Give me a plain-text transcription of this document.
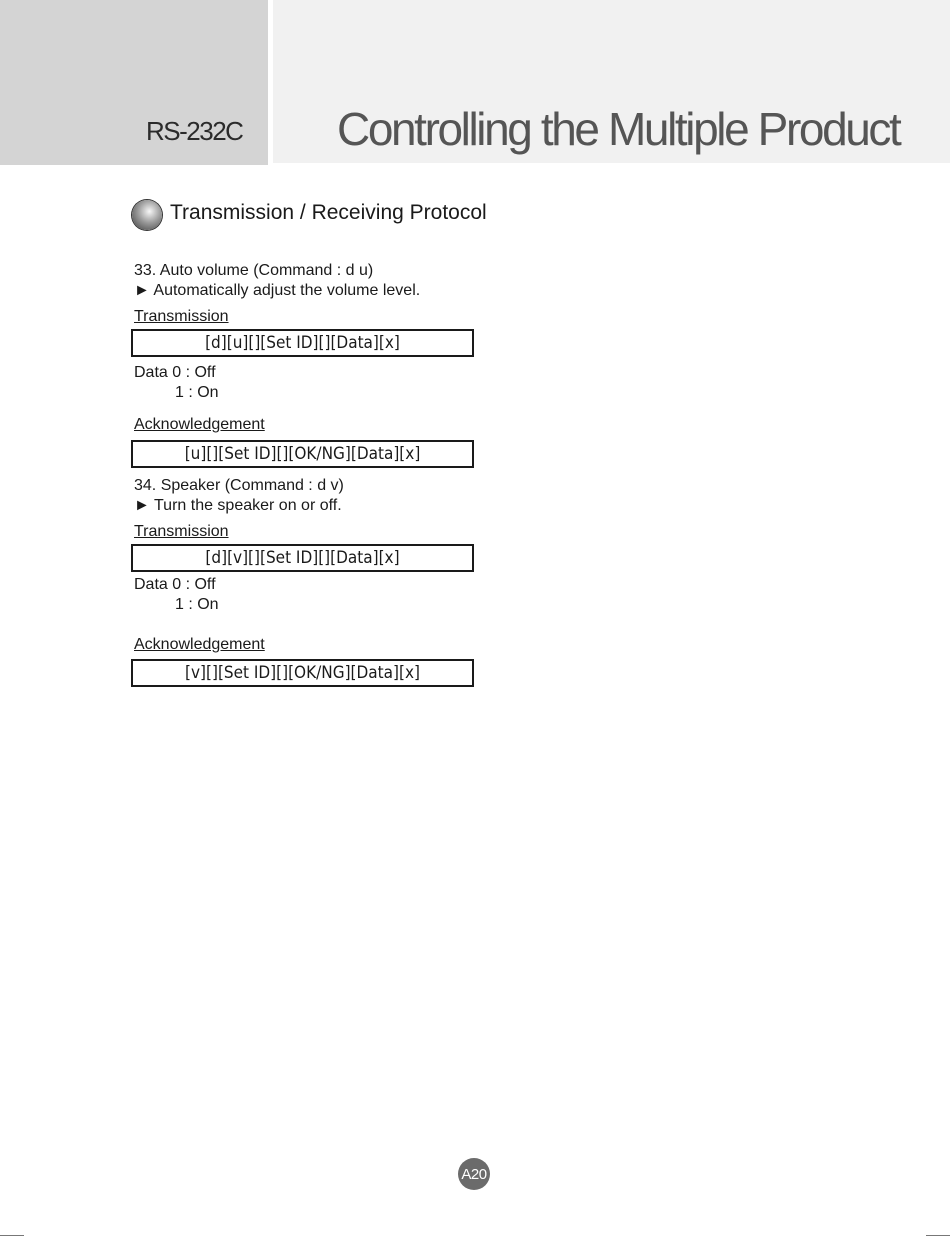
RS-232C Controlling the Multiple Product
Transmission / Receiving Protocol
33. Auto volume (Command : d u)
► Automatically adjust the volume level.
Transmission
[d][u][][Set ID][][Data][x]
Data 0 : Off
1 : On
Acknowledgement
[u][][Set ID][][OK/NG][Data][x]
34. Speaker (Command : d v)
► Turn the speaker on or off.
Transmission
[d][v][][Set ID][][Data][x]
Data 0 : Off
1 : On
Acknowledgement
[v][][Set ID][][OK/NG][Data][x]
A20
